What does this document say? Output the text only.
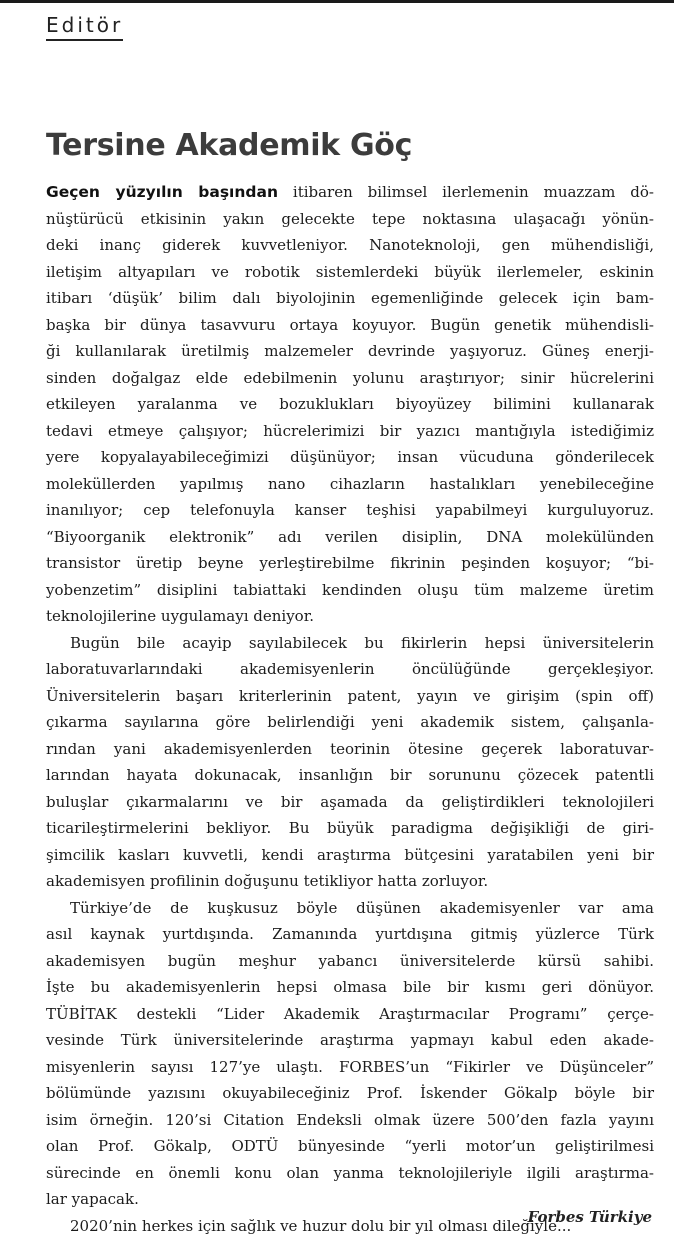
Editör
Tersine Akademik Göç
Geçen yüzyılın başından itibaren bilimsel ilerlemenin muazzam dö-
nüştürücü etkisinin yakın gelecekte tepe noktasına ulaşacağı yönün-
deki inanç giderek kuvvetleniyor. Nanoteknoloji, gen mühendisliği,
iletişim altyapıları ve robotik sistemlerdeki büyük ilerlemeler, eskinin
itibarı ‘düşük’ bilim dalı biyolojinin egemenliğinde gelecek için bam-
başka bir dünya tasavvuru ortaya koyuyor. Bugün genetik mühendisli-
ği kullanılarak üretilmiş malzemeler devrinde yaşıyoruz. Güneş enerji-
sinden doğalgaz elde edebilmenin yolunu araştırıyor; sinir hücrelerini
etkileyen yaralanma ve bozuklukları biyoyüzey bilimini kullanarak
tedavi etmeye çalışıyor; hücrelerimizi bir yazıcı mantığıyla istediğimiz
yere kopyalayabileceğimizi düşünüyor; insan vücuduna gönderilecek
moleküllerden yapılmış nano cihazların hastalıkları yenebileceğine
inanılıyor; cep telefonuyla kanser teşhisi yapabilmeyi kurguluyoruz.
“Biyoorganik elektronik” adı verilen disiplin, DNA molekülünden
transistor üretip beyne yerleştirebilme fikrinin peşinden koşuyor; “bi-
yobenzetim” disiplini tabiattaki kendinden oluşu tüm malzeme üretim
teknolojilerine uygulamayı deniyor.
Bugün bile acayip sayılabilecek bu fikirlerin hepsi üniversitelerin
laboratuvarlarındaki akademisyenlerin öncülüğünde gerçekleşiyor.
Üniversitelerin başarı kriterlerinin patent, yayın ve girişim (spin off)
çıkarma sayılarına göre belirlendiği yeni akademik sistem, çalışanla-
rından yani akademisyenlerden teorinin ötesine geçerek laboratuvar-
larından hayata dokunacak, insanlığın bir sorununu çözecek patentli
buluşlar çıkarmalarını ve bir aşamada da geliştirdikleri teknolojileri
ticarileştirmelerini bekliyor. Bu büyük paradigma değişikliği de giri-
şimcilik kasları kuvvetli, kendi araştırma bütçesini yaratabilen yeni bir
akademisyen profilinin doğuşunu tetikliyor hatta zorluyor.
Türkiye’de de kuşkusuz böyle düşünen akademisyenler var ama
asıl kaynak yurtdışında. Zamanında yurtdışına gitmiş yüzlerce Türk
akademisyen bugün meşhur yabancı üniversitelerde kürsü sahibi.
İşte bu akademisyenlerin hepsi olmasa bile bir kısmı geri dönüyor.
TÜBİTAK destekli “Lider Akademik Araştırmacılar Programı” çerçe-
vesinde Türk üniversitelerinde araştırma yapmayı kabul eden akade-
misyenlerin sayısı 127’ye ulaştı. FORBES’un “Fikirler ve Düşünceler”
bölümünde yazısını okuyabileceğiniz Prof. İskender Gökalp böyle bir
isim örneğin. 120’si Citation Endeksli olmak üzere 500’den fazla yayını
olan Prof. Gökalp, ODTÜ bünyesinde “yerli motor’un geliştirilmesi
sürecinde en önemli konu olan yanma teknolojileriyle ilgili araştırma-
lar yapacak.
2020’nin herkes için sağlık ve huzur dolu bir yıl olması dileğiyle...
Forbes Türkiye
